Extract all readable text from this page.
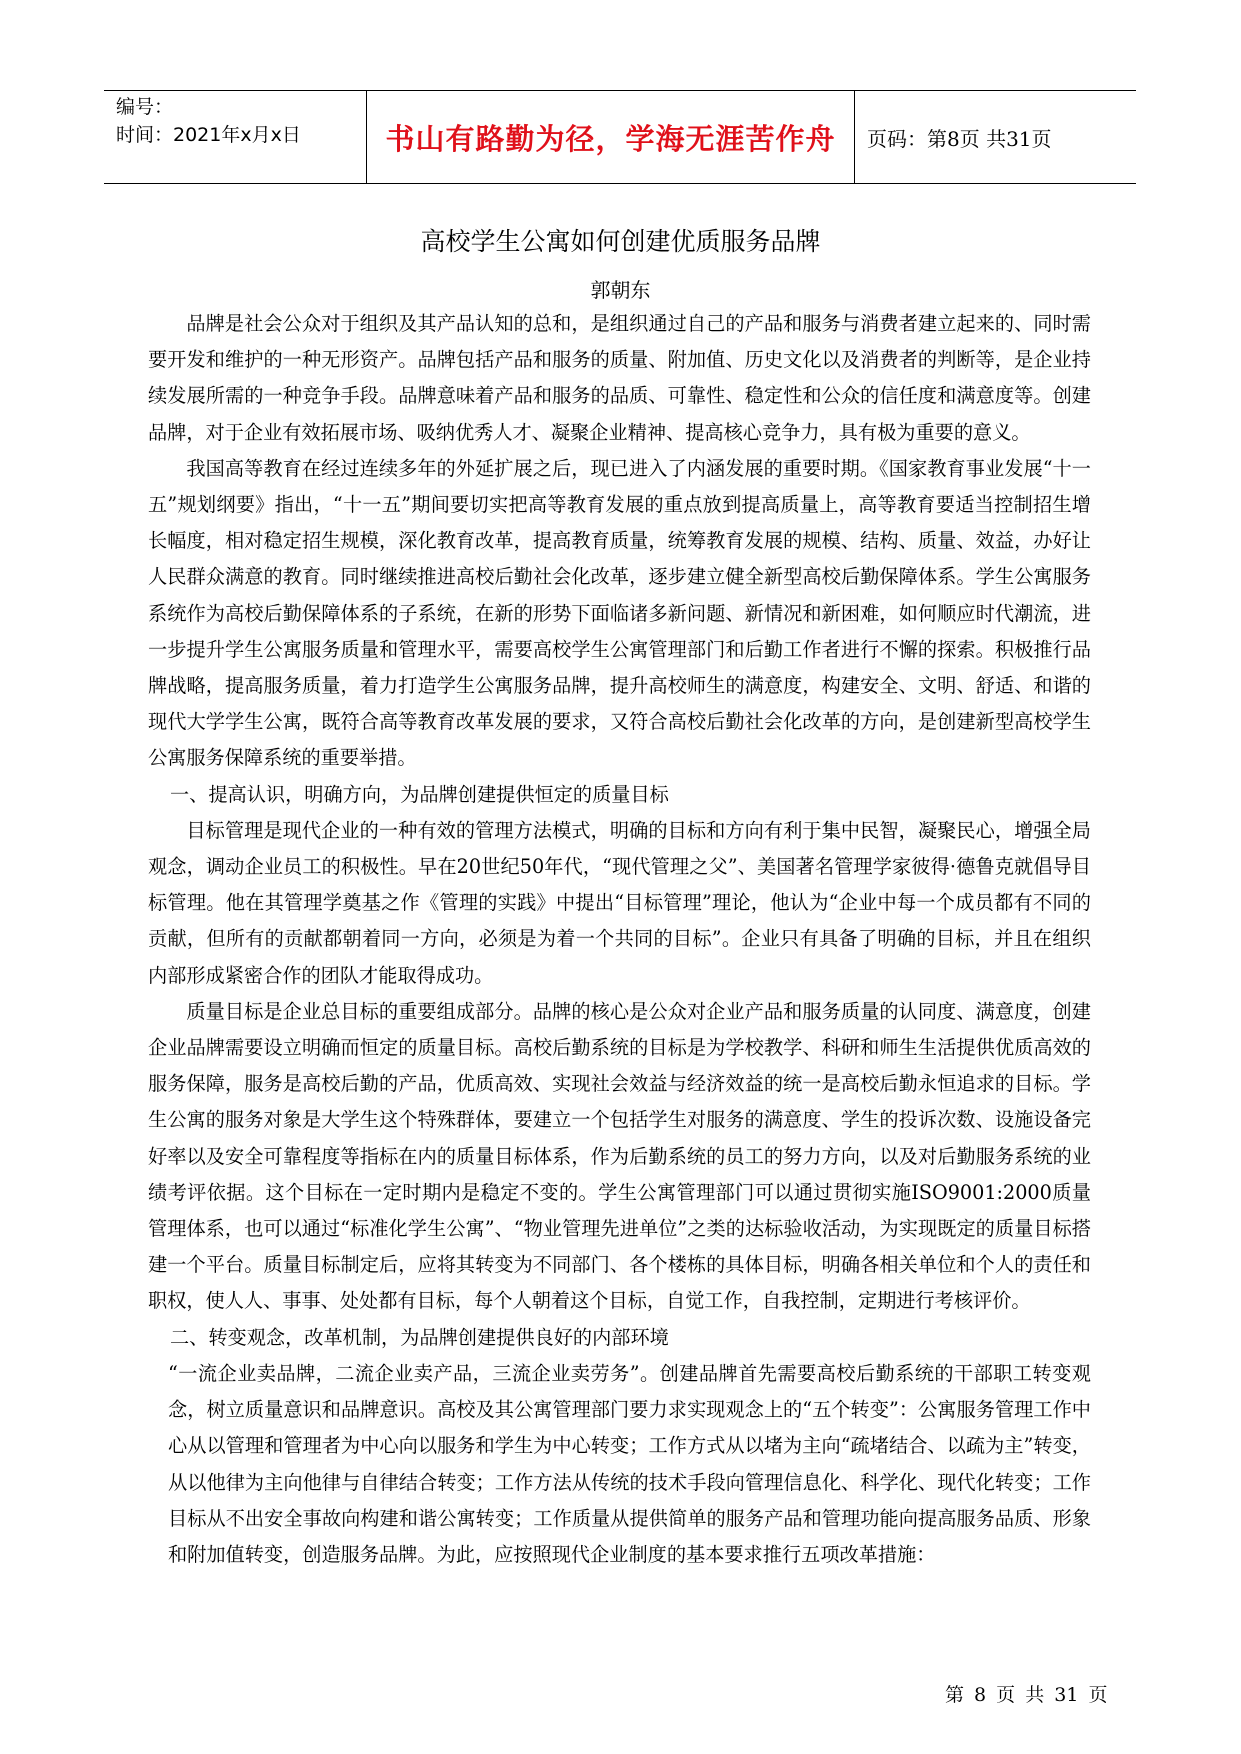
编号：
时间：2021年x月x日	书山有路勤为径，学海无涯苦作舟	页码：第8页 共31页
高校学生公寓如何创建优质服务品牌
郭朝东

品牌是社会公众对于组织及其产品认知的总和，是组织通过自己的产品和服务与消费者建立起来的、同时需要开发和维护的一种无形资产。品牌包括产品和服务的质量、附加值、历史文化以及消费者的判断等，是企业持续发展所需的一种竞争手段。品牌意味着产品和服务的品质、可靠性、稳定性和公众的信任度和满意度等。创建品牌，对于企业有效拓展市场、吸纳优秀人才、凝聚企业精神、提高核心竞争力，具有极为重要的意义。

我国高等教育在经过连续多年的外延扩展之后，现已进入了内涵发展的重要时期。《国家教育事业发展“十一五”规划纲要》指出，“十一五”期间要切实把高等教育发展的重点放到提高质量上，高等教育要适当控制招生增长幅度，相对稳定招生规模，深化教育改革，提高教育质量，统筹教育发展的规模、结构、质量、效益，办好让人民群众满意的教育。同时继续推进高校后勤社会化改革，逐步建立健全新型高校后勤保障体系。学生公寓服务系统作为高校后勤保障体系的子系统，在新的形势下面临诸多新问题、新情况和新困难，如何顺应时代潮流，进一步提升学生公寓服务质量和管理水平，需要高校学生公寓管理部门和后勤工作者进行不懈的探索。积极推行品牌战略，提高服务质量，着力打造学生公寓服务品牌，提升高校师生的满意度，构建安全、文明、舒适、和谐的现代大学学生公寓，既符合高等教育改革发展的要求，又符合高校后勤社会化改革的方向，是创建新型高校学生公寓服务保障系统的重要举措。

一、提高认识，明确方向，为品牌创建提供恒定的质量目标

目标管理是现代企业的一种有效的管理方法模式，明确的目标和方向有利于集中民智，凝聚民心，增强全局观念，调动企业员工的积极性。早在20世纪50年代，“现代管理之父”、美国著名管理学家彼得·德鲁克就倡导目标管理。他在其管理学奠基之作《管理的实践》中提出“目标管理”理论，他认为“企业中每一个成员都有不同的贡献，但所有的贡献都朝着同一方向，必须是为着一个共同的目标”。企业只有具备了明确的目标，并且在组织内部形成紧密合作的团队才能取得成功。

质量目标是企业总目标的重要组成部分。品牌的核心是公众对企业产品和服务质量的认同度、满意度，创建企业品牌需要设立明确而恒定的质量目标。高校后勤系统的目标是为学校教学、科研和师生生活提供优质高效的服务保障，服务是高校后勤的产品，优质高效、实现社会效益与经济效益的统一是高校后勤永恒追求的目标。学生公寓的服务对象是大学生这个特殊群体，要建立一个包括学生对服务的满意度、学生的投诉次数、设施设备完好率以及安全可靠程度等指标在内的质量目标体系，作为后勤系统的员工的努力方向，以及对后勤服务系统的业绩考评依据。这个目标在一定时期内是稳定不变的。学生公寓管理部门可以通过贯彻实施ISO9001:2000质量管理体系，也可以通过“标准化学生公寓”、“物业管理先进单位”之类的达标验收活动，为实现既定的质量目标搭建一个平台。质量目标制定后，应将其转变为不同部门、各个楼栋的具体目标，明确各相关单位和个人的责任和职权，使人人、事事、处处都有目标，每个人朝着这个目标，自觉工作，自我控制，定期进行考核评价。

二、转变观念，改革机制，为品牌创建提供良好的内部环境

“一流企业卖品牌，二流企业卖产品，三流企业卖劳务”。创建品牌首先需要高校后勤系统的干部职工转变观念，树立质量意识和品牌意识。高校及其公寓管理部门要力求实现观念上的“五个转变”：公寓服务管理工作中心从以管理和管理者为中心向以服务和学生为中心转变；工作方式从以堵为主向“疏堵结合、以疏为主”转变，从以他律为主向他律与自律结合转变；工作方法从传统的技术手段向管理信息化、科学化、现代化转变；工作目标从不出安全事故向构建和谐公寓转变；工作质量从提供简单的服务产品和管理功能向提高服务品质、形象和附加值转变，创造服务品牌。为此，应按照现代企业制度的基本要求推行五项改革措施：

第 8 页 共 31 页
